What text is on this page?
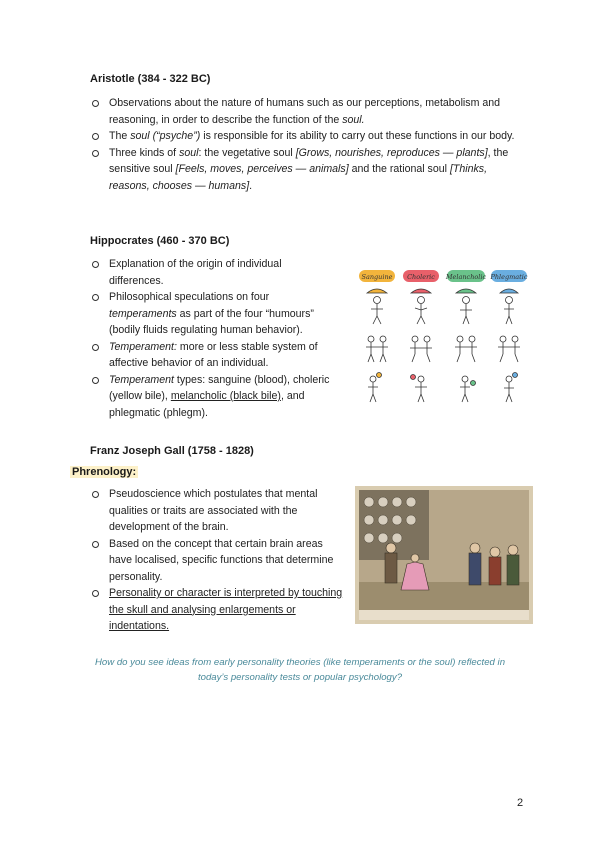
Aristotle (384 - 322 BC)
Observations about the nature of humans such as our perceptions, metabolism and reasoning, in order to describe the function of the soul.
The soul (“psyche”) is responsible for its ability to carry out these functions in our body.
Three kinds of soul: the vegetative soul [Grows, nourishes, reproduces — plants], the sensitive soul [Feels, moves, perceives — animals] and the rational soul [Thinks, reasons, chooses — humans].
Hippocrates (460 - 370 BC)
Explanation of the origin of individual differences.
Philosophical speculations on four temperaments as part of the four “humours” (bodily fluids regulating human behavior).
Temperament: more or less stable system of affective behavior of an individual.
Temperament types: sanguine (blood), choleric (yellow bile), melancholic (black bile), and phlegmatic (phlegm).
Sanguine Choleric Melancholic Phlegmatic
Franz Joseph Gall (1758 - 1828)
Phrenology:
Pseudoscience which postulates that mental qualities or traits are associated with the development of the brain.
Based on the concept that certain brain areas have localised, specific functions that determine personality.
Personality or character is interpreted by touching the skull and analysing enlargements or indentations.
How do you see ideas from early personality theories (like temperaments or the soul) reflected in today’s personality tests or popular psychology?
2
